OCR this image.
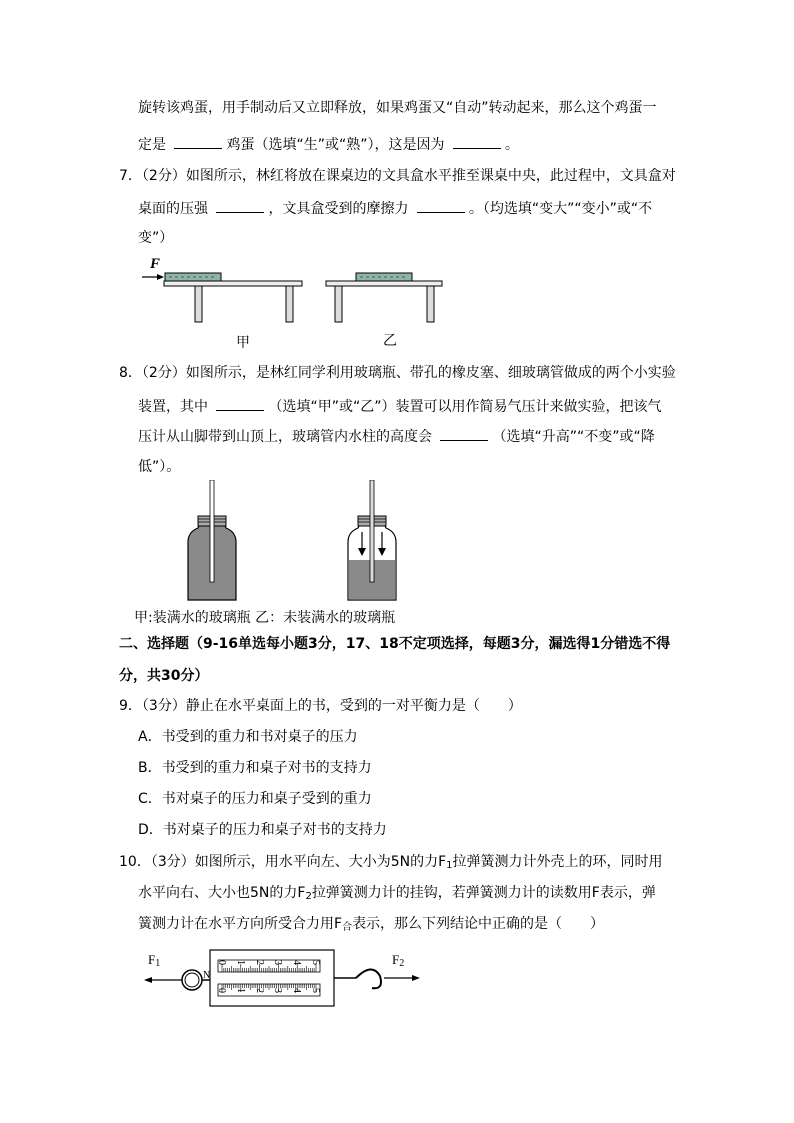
旋转该鸡蛋，用手制动后又立即释放，如果鸡蛋又“自动”转动起来，那么这个鸡蛋一
定是	鸡蛋（选填“生”或“熟”），这是因为	。
7．（2分）如图所示，林红将放在课桌边的文具盒水平推至课桌中央，此过程中，文具盒对
桌面的压强	，文具盒受到的摩擦力	。（均选填“变大”“变小”或“不
变”）
F
甲	乙
8．（2分）如图所示，是林红同学利用玻璃瓶、带孔的橡皮塞、细玻璃管做成的两个小实验
装置，其中	（选填“甲”或“乙”）装置可以用作简易气压计来做实验，把该气
压计从山脚带到山顶上，玻璃管内水柱的高度会	（选填“升高”“不变”或“降
低”）。
甲:装满水的玻璃瓶 乙：未装满水的玻璃瓶
二、选择题（9-16单选每小题3分，17、18不定项选择，每题3分，漏选得1分错选不得
分，共30分）
9．（3分）静止在水平桌面上的书，受到的一对平衡力是（　　）
A．书受到的重力和书对桌子的压力
B．书受到的重力和桌子对书的支持力
C．书对桌子的压力和桌子受到的重力
D．书对桌子的压力和桌子对书的支持力
10．（3分）如图所示，用水平向左、大小为5N的力$F_1$拉弹簧测力计外壳上的环，同时用
水平向右、大小也5N的力$F_2$拉弹簧测力计的挂钩，若弹簧测力计的读数用F表示，弹
簧测力计在水平方向所受合力用$F_合$表示，那么下列结论中正确的是（　　）
$F_1$	$F_2$
N
0 1 2 3 4 5
0 1 2 3 4 5
